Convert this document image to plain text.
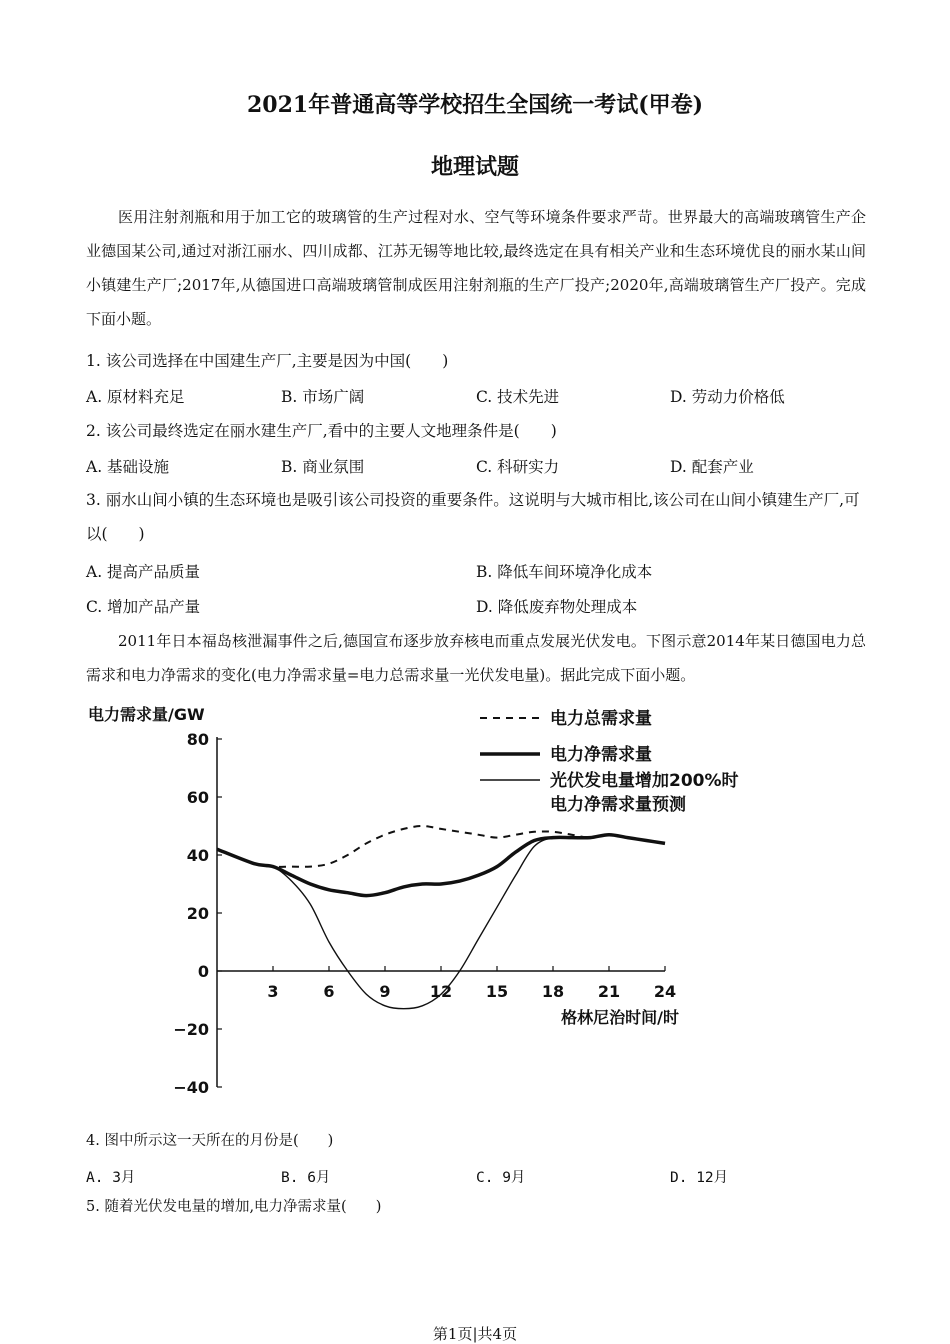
2021年普通高等学校招生全国统一考试(甲卷)
地理试题
医用注射剂瓶和用于加工它的玻璃管的生产过程对水、空气等环境条件要求严苛。世界最大的高端玻璃管生产企业德国某公司,通过对浙江丽水、四川成都、江苏无锡等地比较,最终选定在具有相关产业和生态环境优良的丽水某山间小镇建生产厂;2017年,从德国进口高端玻璃管制成医用注射剂瓶的生产厂投产;2020年,高端玻璃管生产厂投产。完成下面小题。
1. 该公司选择在中国建生产厂,主要是因为中国(　　)
A. 原材料充足	B. 市场广阔	C. 技术先进	D. 劳动力价格低
2. 该公司最终选定在丽水建生产厂,看中的主要人文地理条件是(　　)
A. 基础设施	B. 商业氛围	C. 科研实力	D. 配套产业
3. 丽水山间小镇的生态环境也是吸引该公司投资的重要条件。这说明与大城市相比,该公司在山间小镇建生产厂,可以(　　)
A. 提高产品质量	B. 降低车间环境净化成本
C. 增加产品产量	D. 降低废弃物处理成本
2011年日本福岛核泄漏事件之后,德国宣布逐步放弃核电而重点发展光伏发电。下图示意2014年某日德国电力总需求和电力净需求的变化(电力净需求量=电力总需求量一光伏发电量)。据此完成下面小题。
80
60
40
20
0
−20
−40
3	6	9 12 15 18 21 24
电力需求量/GW
格林尼治时间/时
电力总需求量
电力净需求量
光伏发电量增加200%时
电力净需求量预测
4. 图中所示这一天所在的月份是(　　)
A. 3月	B. 6月	C. 9月	D. 12月
5. 随着光伏发电量的增加,电力净需求量(　　)
第1页|共4页
